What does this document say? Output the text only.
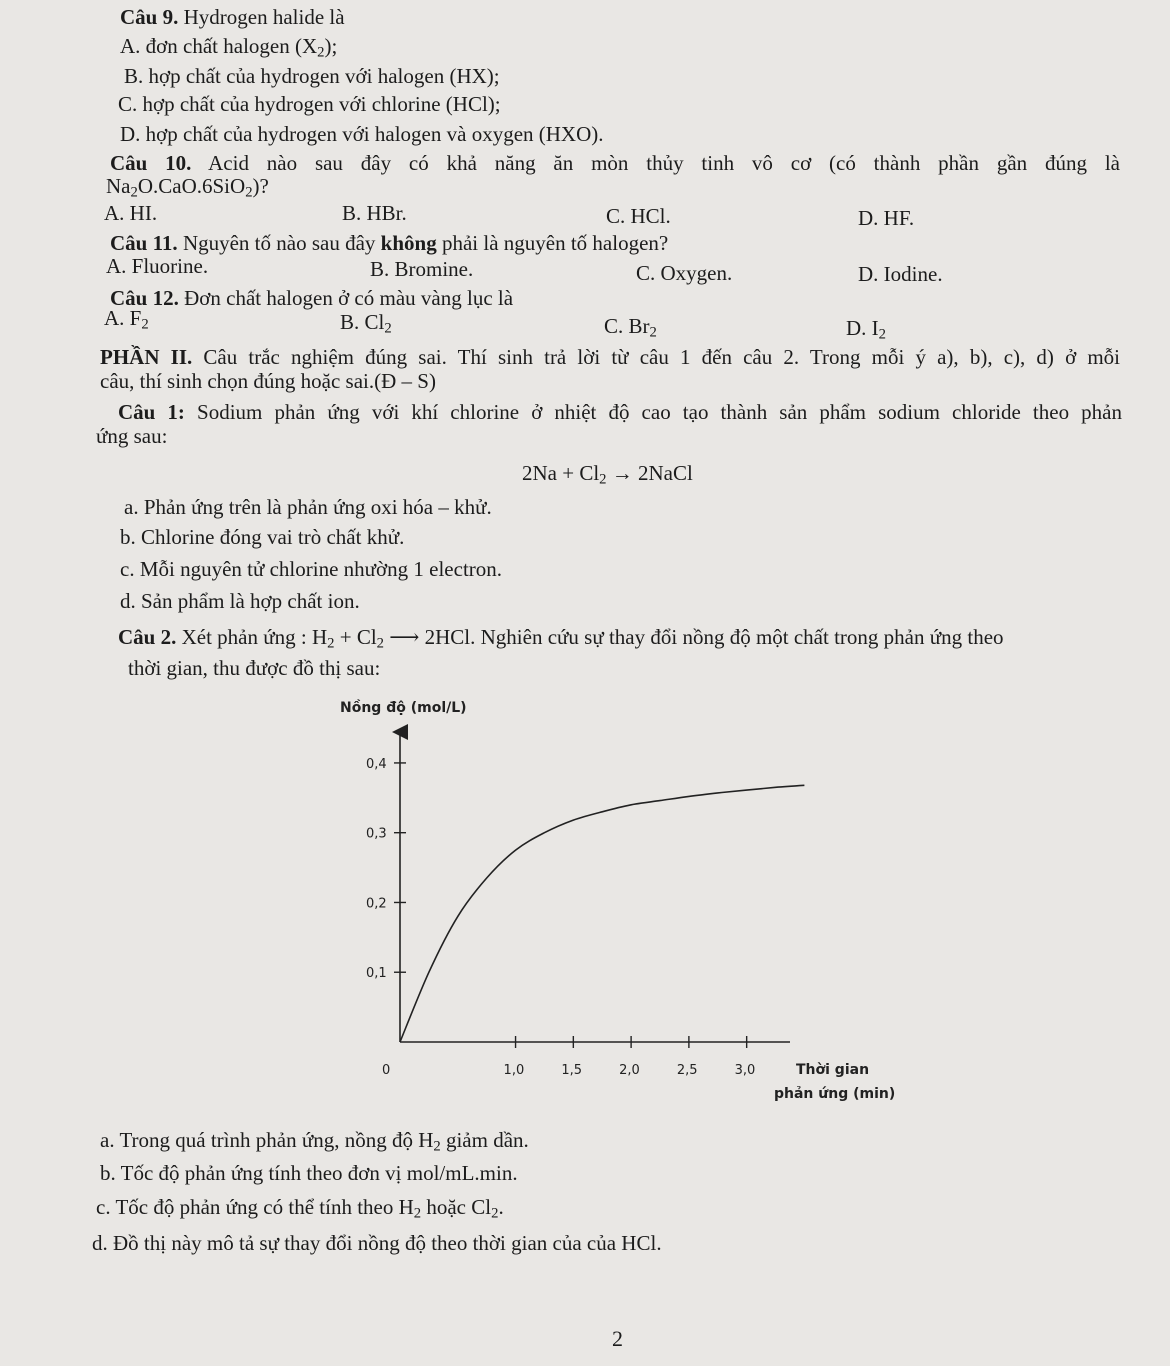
Câu 9. Hydrogen halide là
A. đơn chất halogen $(X_2)$;
B. hợp chất của hydrogen với halogen (HX);
C. hợp chất của hydrogen với chlorine (HCl);
D. hợp chất của hydrogen với halogen và oxygen (HXO).
Câu 10. Acid nào sau đây có khả năng ăn mòn thủy tinh vô cơ (có thành phần gần đúng là
$Na_2O.CaO.6SiO_2$)?
A. HI.	B. HBr.	C. HCl.	D. HF.
Câu 11. Nguyên tố nào sau đây không phải là nguyên tố halogen?
A. Fluorine.	B. Bromine.	C. Oxygen.	D. Iodine.
Câu 12. Đơn chất halogen ở có màu vàng lục là
A. $F_2$	B. $Cl_2$	C. $Br_2$	D. $I_2$
PHẦN II. Câu trắc nghiệm đúng sai. Thí sinh trả lời từ câu 1 đến câu 2. Trong mỗi ý a), b), c), d) ở mỗi
câu, thí sinh chọn đúng hoặc sai.(Đ – S)
Câu 1: Sodium phản ứng với khí chlorine ở nhiệt độ cao tạo thành sản phẩm sodium chloride theo phản
ứng sau:
$2Na + Cl_2$ → 2NaCl
a. Phản ứng trên là phản ứng oxi hóa – khử.
b. Chlorine đóng vai trò chất khử.
c. Mỗi nguyên tử chlorine nhường 1 electron.
d. Sản phẩm là hợp chất ion.
Câu 2. Xét phản ứng : $H_2 + Cl_2$ ⟶ 2HCl. Nghiên cứu sự thay đổi nồng độ một chất trong phản ứng theo
thời gian, thu được đồ thị sau:
Nồng độ (mol/L)
0,1
0,2
0,3
0,4
1,0	1,5	2,0	2,5	3,0
0	Thời gian
phản ứng (min)
a. Trong quá trình phản ứng, nồng độ $H_2$ giảm dần.
b. Tốc độ phản ứng tính theo đơn vị mol/mL.min.
c. Tốc độ phản ứng có thể tính theo $H_2$ hoặc $Cl_2$.
d. Đồ thị này mô tả sự thay đổi nồng độ theo thời gian của của HCl.
2
